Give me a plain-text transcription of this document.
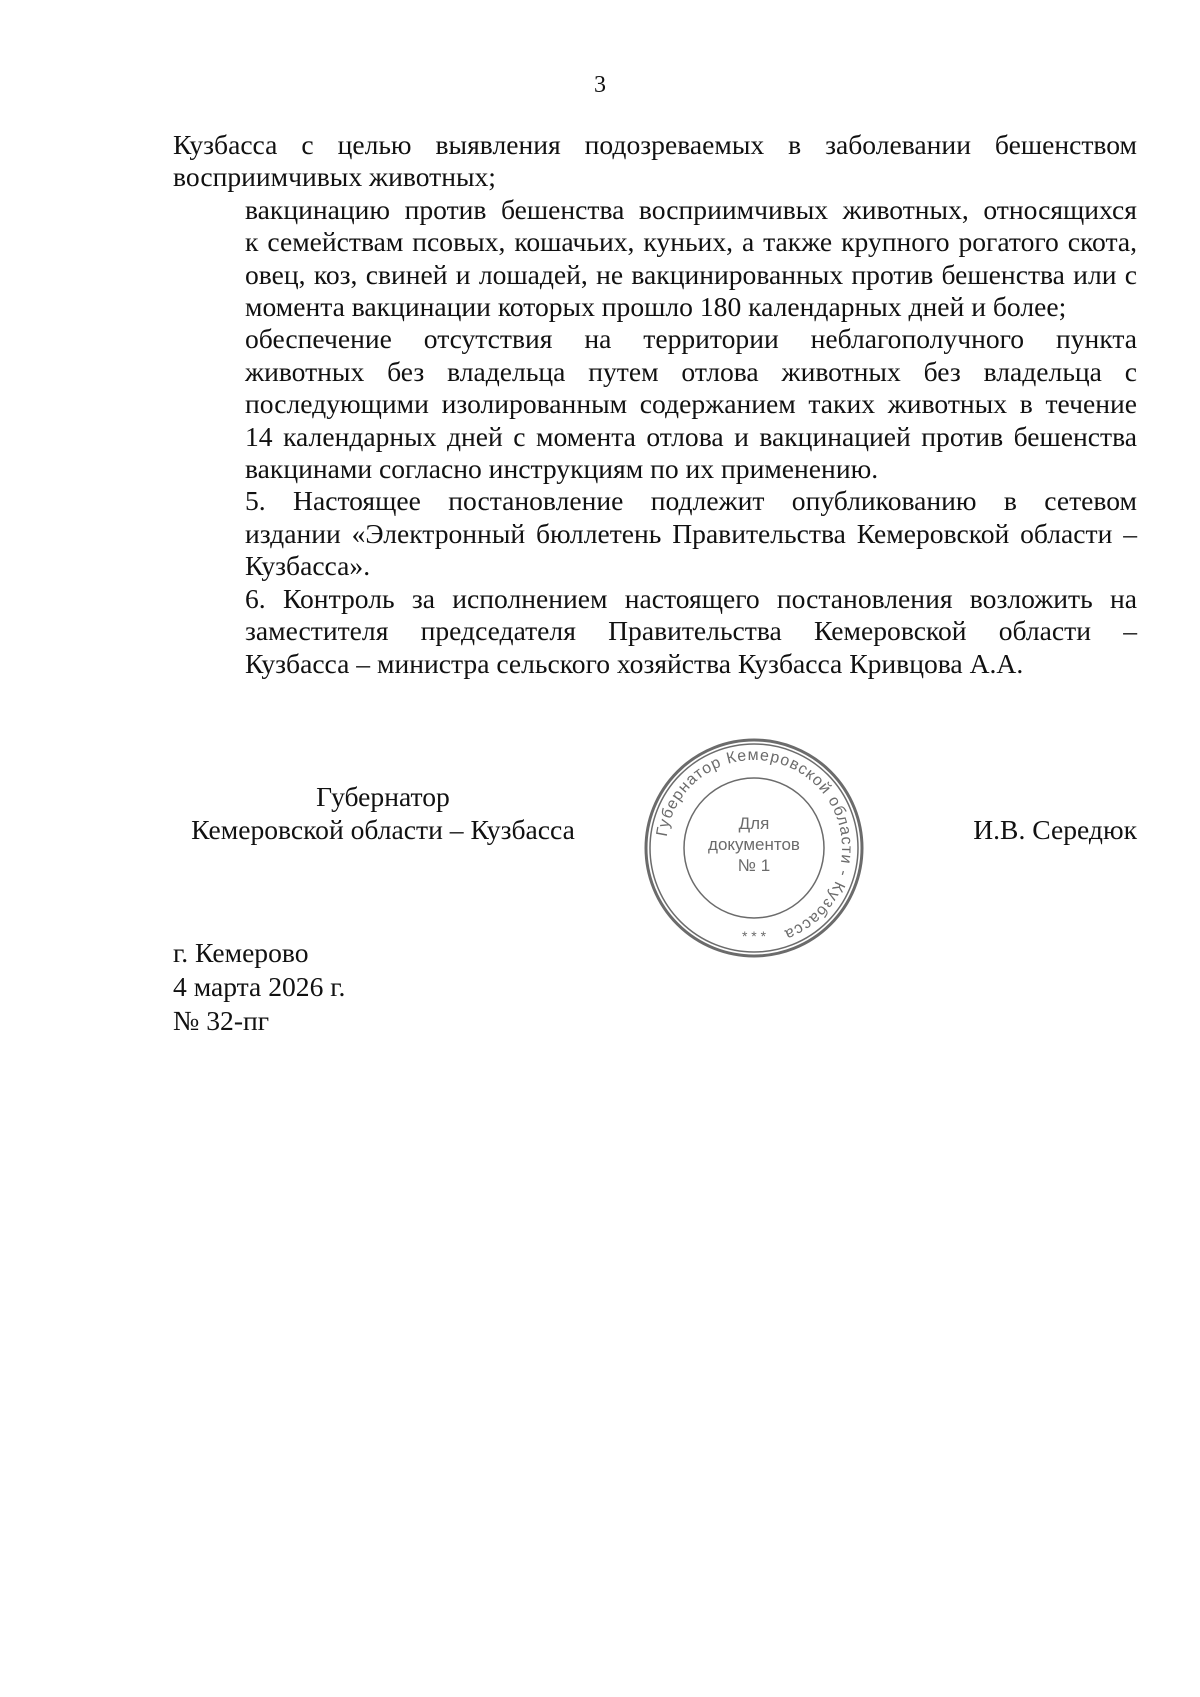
3

Кузбасса с целью выявления подозреваемых в заболевании бешенством
восприимчивых животных;

вакцинацию против бешенства восприимчивых животных, относящихся
к семействам псовых, кошачьих, куньих, а также крупного рогатого скота,
овец, коз, свиней и лошадей, не вакцинированных против бешенства или с
момента вакцинации которых прошло 180 календарных дней и более;

обеспечение отсутствия на территории неблагополучного пункта
животных без владельца путем отлова животных без владельца с
последующими изолированным содержанием таких животных в течение
14 календарных дней с момента отлова и вакцинацией против бешенства
вакцинами согласно инструкциям по их применению.

5. Настоящее постановление подлежит опубликованию в сетевом
издании «Электронный бюллетень Правительства Кемеровской области –
Кузбасса».

6. Контроль за исполнением настоящего постановления возложить на
заместителя председателя Правительства Кемеровской области –
Кузбасса – министра сельского хозяйства Кузбасса Кривцова А.А.

Губернатор
Кемеровской области – Кузбасса	Губернатор Кемеровской области - Кузбасса
Для
документов
№ 1
* * *
И.В. Середюк
г. Кемерово
4 марта 2026 г.
№ 32-пг
